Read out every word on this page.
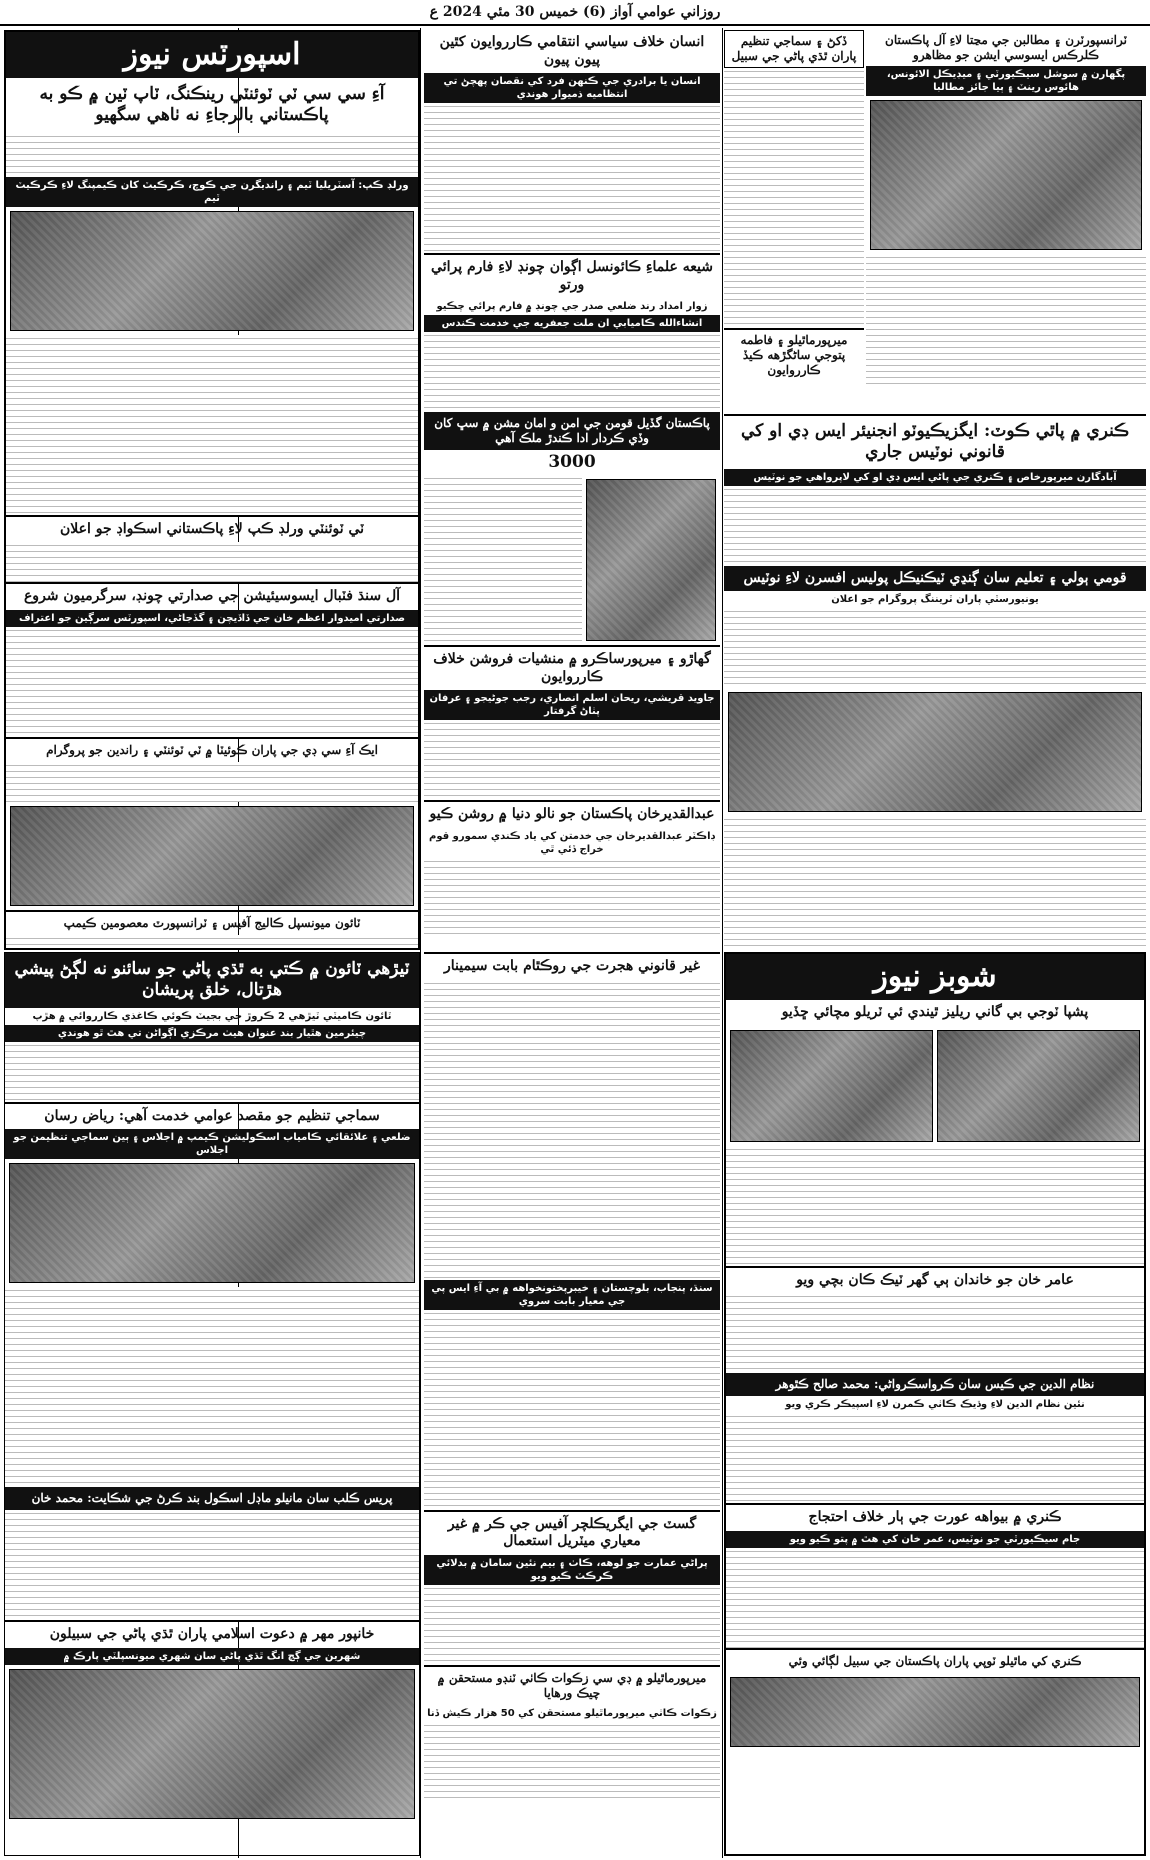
روزاني عوامي آواز (6) خميس 30 مئي 2024 ع
اسپورٽس نيوز
آءِ سي سي ٽي ٽوئنٽي رينڪنگ، ٽاپ ٽين ۾ ڪو به پاڪستاني بالرجاءِ نه ٺاهي سگهيو
ورلڊ ڪپ: آسٽريليا ٽيم ۽ رانديگرن جي ڪوچ، ڪرڪيٽ کان ڪيمپنگ لاءِ ڪرڪيٽ ٽيم
ٽي ٽوئنٽي ورلڊ ڪپ لاءِ پاڪستاني اسڪواڊ جو اعلان
آل سنڌ فٽبال ايسوسيئيشن جي صدارتي چونڊ، سرگرميون شروع
صدارتي اميدوار اعظم خان جي ڏاڏيچن ۽ گڏجاڻي، اسپورٽس سرڳين جو اعتراف
ايڪ آءِ سي ڊي جي پاران ڪوئيٽا ۾ ٽي ٽوئنٽي ۽ راندين جو پروگرام
ٽائون ميونسپل ڪاليج آفيس ۽ ٽرانسپورٽ معصومين ڪيمپ
ٽيڙهي ٽائون ۾ ڪتي به ٿڌي پاڻي جو سائنو نه لڳڻ پيشي هڙتال، خلق پريشان
ٽائون ڪاميٽي ٽيڙهي 2 ڪروڙ جي بجيٽ ڪوئي ڪاغذي ڪارروائي ۾ هڙپ
چيئرمين هٿيار بند عنوان هيٺ مرڪزي اڳواڻن تي هٿ ٿو هوندي
سماجي تنظيم جو مقصد عوامي خدمت آهي: رياض رسان
ضلعي ۽ علائقائي ڪامياب اسڪوليشن ڪيمپ ۾ اجلاس ۽ ٻين سماجي تنظيمن جو اجلاس
پريس ڪلب سان مانيلو ماڊل اسڪول بند ڪرڻ جي شڪايت: محمد خان
خانپور مهر ۾ دعوت اسلامي پاران ٿڌي پاڻي جي سبيلون
شهرين جي ڳچ انگ ٿڌي پاڻي سان شهري ميونسپلٽي پارڪ ۾
انسان خلاف سياسي انتقامي ڪارروايون کٿين پيون پيون
انسان يا برادري جي ڪنهن فرد کي نقصان پهچڻ تي انتظاميه ذميوار هوندي
شيعه علماءِ ڪائونسل اڳوان چونڊ لاءِ فارم پرائي ورتو
زوار امداد رند ضلعي صدر جي چونڊ ۾ فارم پرائي چڪيو
انشاءالله ڪاميابي ان ملت جعفريه جي خدمت ڪندس
پاڪستان گڏيل قومن جي امن و امان مشن ۾ سڀ کان وڏي ڪردار ادا ڪندڙ ملڪ آهي
3000
گهاڙو ۽ ميرپورساڪرو ۾ منشيات فروشن خلاف ڪارروايون
جاويد قريشي، ريحان اسلم انصاري، رجب جوڻيجو ۽ عرفان پٺاڻ گرفتار
عبدالقديرخان پاڪستان جو نالو دنيا ۾ روشن ڪيو
ڊاڪٽر عبدالقديرخان جي خدمتن کي ياد ڪندي سمورو قوم خراج ڏئي ٿي
ڏکڻ ۽ سماجي تنظيم پاران ٿڌي پاڻي جي سبيل
ميرپورماٿيلو ۽ فاطمه پتوجي ساڻگڙهه ڪيڏ ڪارروايون
ٽرانسپورٽرن ۽ مطالبن جي مڃتا لاءِ آل پاڪستان ڪلرڪس ايسوسي ايشن جو مظاهرو
پگهارن ۾ سوشل سيڪيورٽي ۽ ميڊيڪل الائونس، هائوس رينٽ ۽ ٻيا جائز مطالبا
ڪنري ۾ پاٿي ڪوٽ: ايگزيڪيوٽو انجنيئر ايس ڊي او کي قانوني نوٽيس جاري
آبادگارن ميرپورخاص ۽ ڪنري جي پاڻي ايس ڊي او کي لاپرواهي جو نوٽيس
قومي ٻولي ۽ تعليم سان ڳنڍي ٽيڪنيڪل پوليس افسرن لاءِ نوٽيس
يونيورسٽي پاران ٽريننگ پروگرام جو اعلان
غير قانوني هجرت جي روڪٿام بابت سيمينار
سنڌ، پنجاب، بلوچستان ۽ خيبرپختونخواهه ۾ بي آءِ ايس پي جي معيار بابت سروي
گسٽ جي ايگريڪلچر آفيس جي ڪر ۾ غير معياري ميٽريل استعمال
پراڻي عمارت جو لوهه، ڪاٺ ۽ بيم نئين سامان ۾ بدلائي ڪرڪٽ ڪيو ويو
ميرپورماٿيلو ۾ ڊي سي زڪوات ڪاٺي ٽنڊو مستحقن ۾ چيڪ ورهايا
زڪوات ڪاٺي ميرپورماٿيلو مستحقن کي 50 هزار ڪيش ڏنا
شوبز نيوز
پشپا ٽوجي بي گاني ريليز ٿيندي ئي ٽريلو مچائي ڇڏيو
عامر خان جو خاندان ٻي گهر ٽيڪ ڪان بچي ويو
نظام الدين جي ڪيس سان ڪرواسڪرواڻي: محمد صالح ڪٿوهر
نئين نظام الدين لاءِ وڌيڪ ڪاٺي ڪمرن لاءِ اسپيڪر ڪري ويو
ڪنري ۾ بيواهه عورت جي ٻار خلاف احتجاج
جام سيڪيورٽي جو نوٽيس، عمر خان کي هٿ ۾ پتو ڪيو ويو
ڪنري کي ماٿيلو ٽوپي پاران پاڪستان جي سبيل لڳائي وئي
